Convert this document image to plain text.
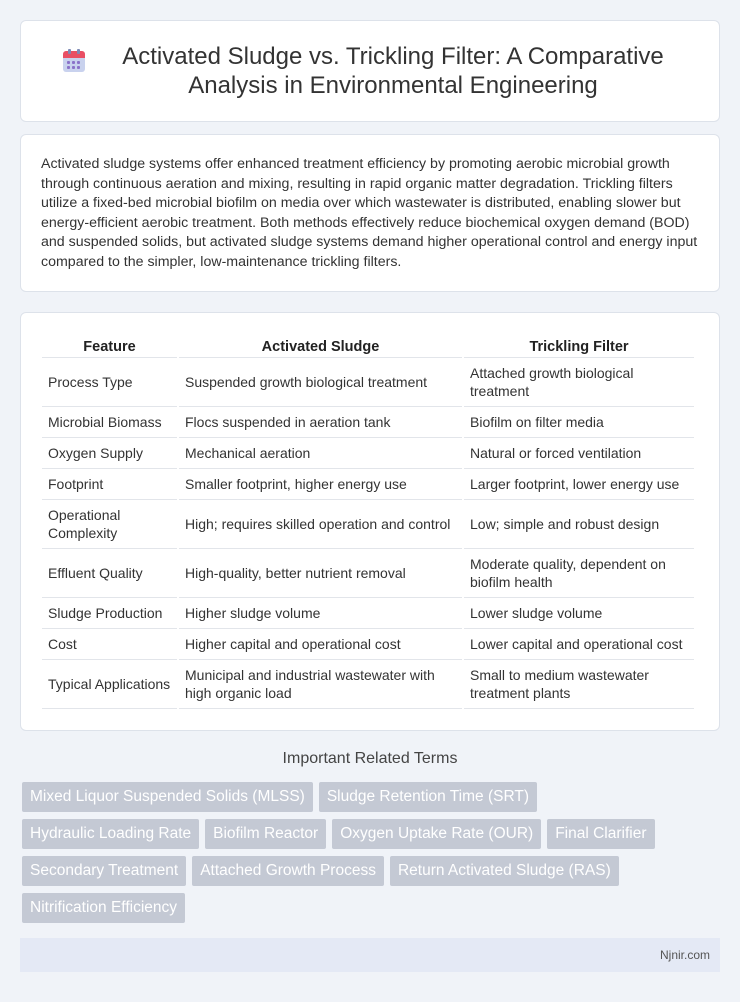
Activated Sludge vs. Trickling Filter: A Comparative Analysis in Environmental Engineering

Activated sludge systems offer enhanced treatment efficiency by promoting aerobic microbial growth through continuous aeration and mixing, resulting in rapid organic matter degradation. Trickling filters utilize a fixed-bed microbial biofilm on media over which wastewater is distributed, enabling slower but energy-efficient aerobic treatment. Both methods effectively reduce biochemical oxygen demand (BOD) and suspended solids, but activated sludge systems demand higher operational control and energy input compared to the simpler, low-maintenance trickling filters.

Feature	Activated Sludge	Trickling Filter
Process Type	Suspended growth biological treatment	Attached growth biological treatment
Microbial Biomass	Flocs suspended in aeration tank	Biofilm on filter media
Oxygen Supply	Mechanical aeration	Natural or forced ventilation
Footprint	Smaller footprint, higher energy use	Larger footprint, lower energy use
Operational Complexity	High; requires skilled operation and control	Low; simple and robust design
Effluent Quality	High-quality, better nutrient removal	Moderate quality, dependent on biofilm health
Sludge Production	Higher sludge volume	Lower sludge volume
Cost	Higher capital and operational cost	Lower capital and operational cost
Typical Applications	Municipal and industrial wastewater with high organic load	Small to medium wastewater treatment plants
Important Related Terms
Mixed Liquor Suspended Solids (MLSS)	Sludge Retention Time (SRT)
Hydraulic Loading Rate	Biofilm Reactor	Oxygen Uptake Rate (OUR)	Final Clarifier
Secondary Treatment	Attached Growth Process	Return Activated Sludge (RAS)
Nitrification Efficiency
Njnir.com
